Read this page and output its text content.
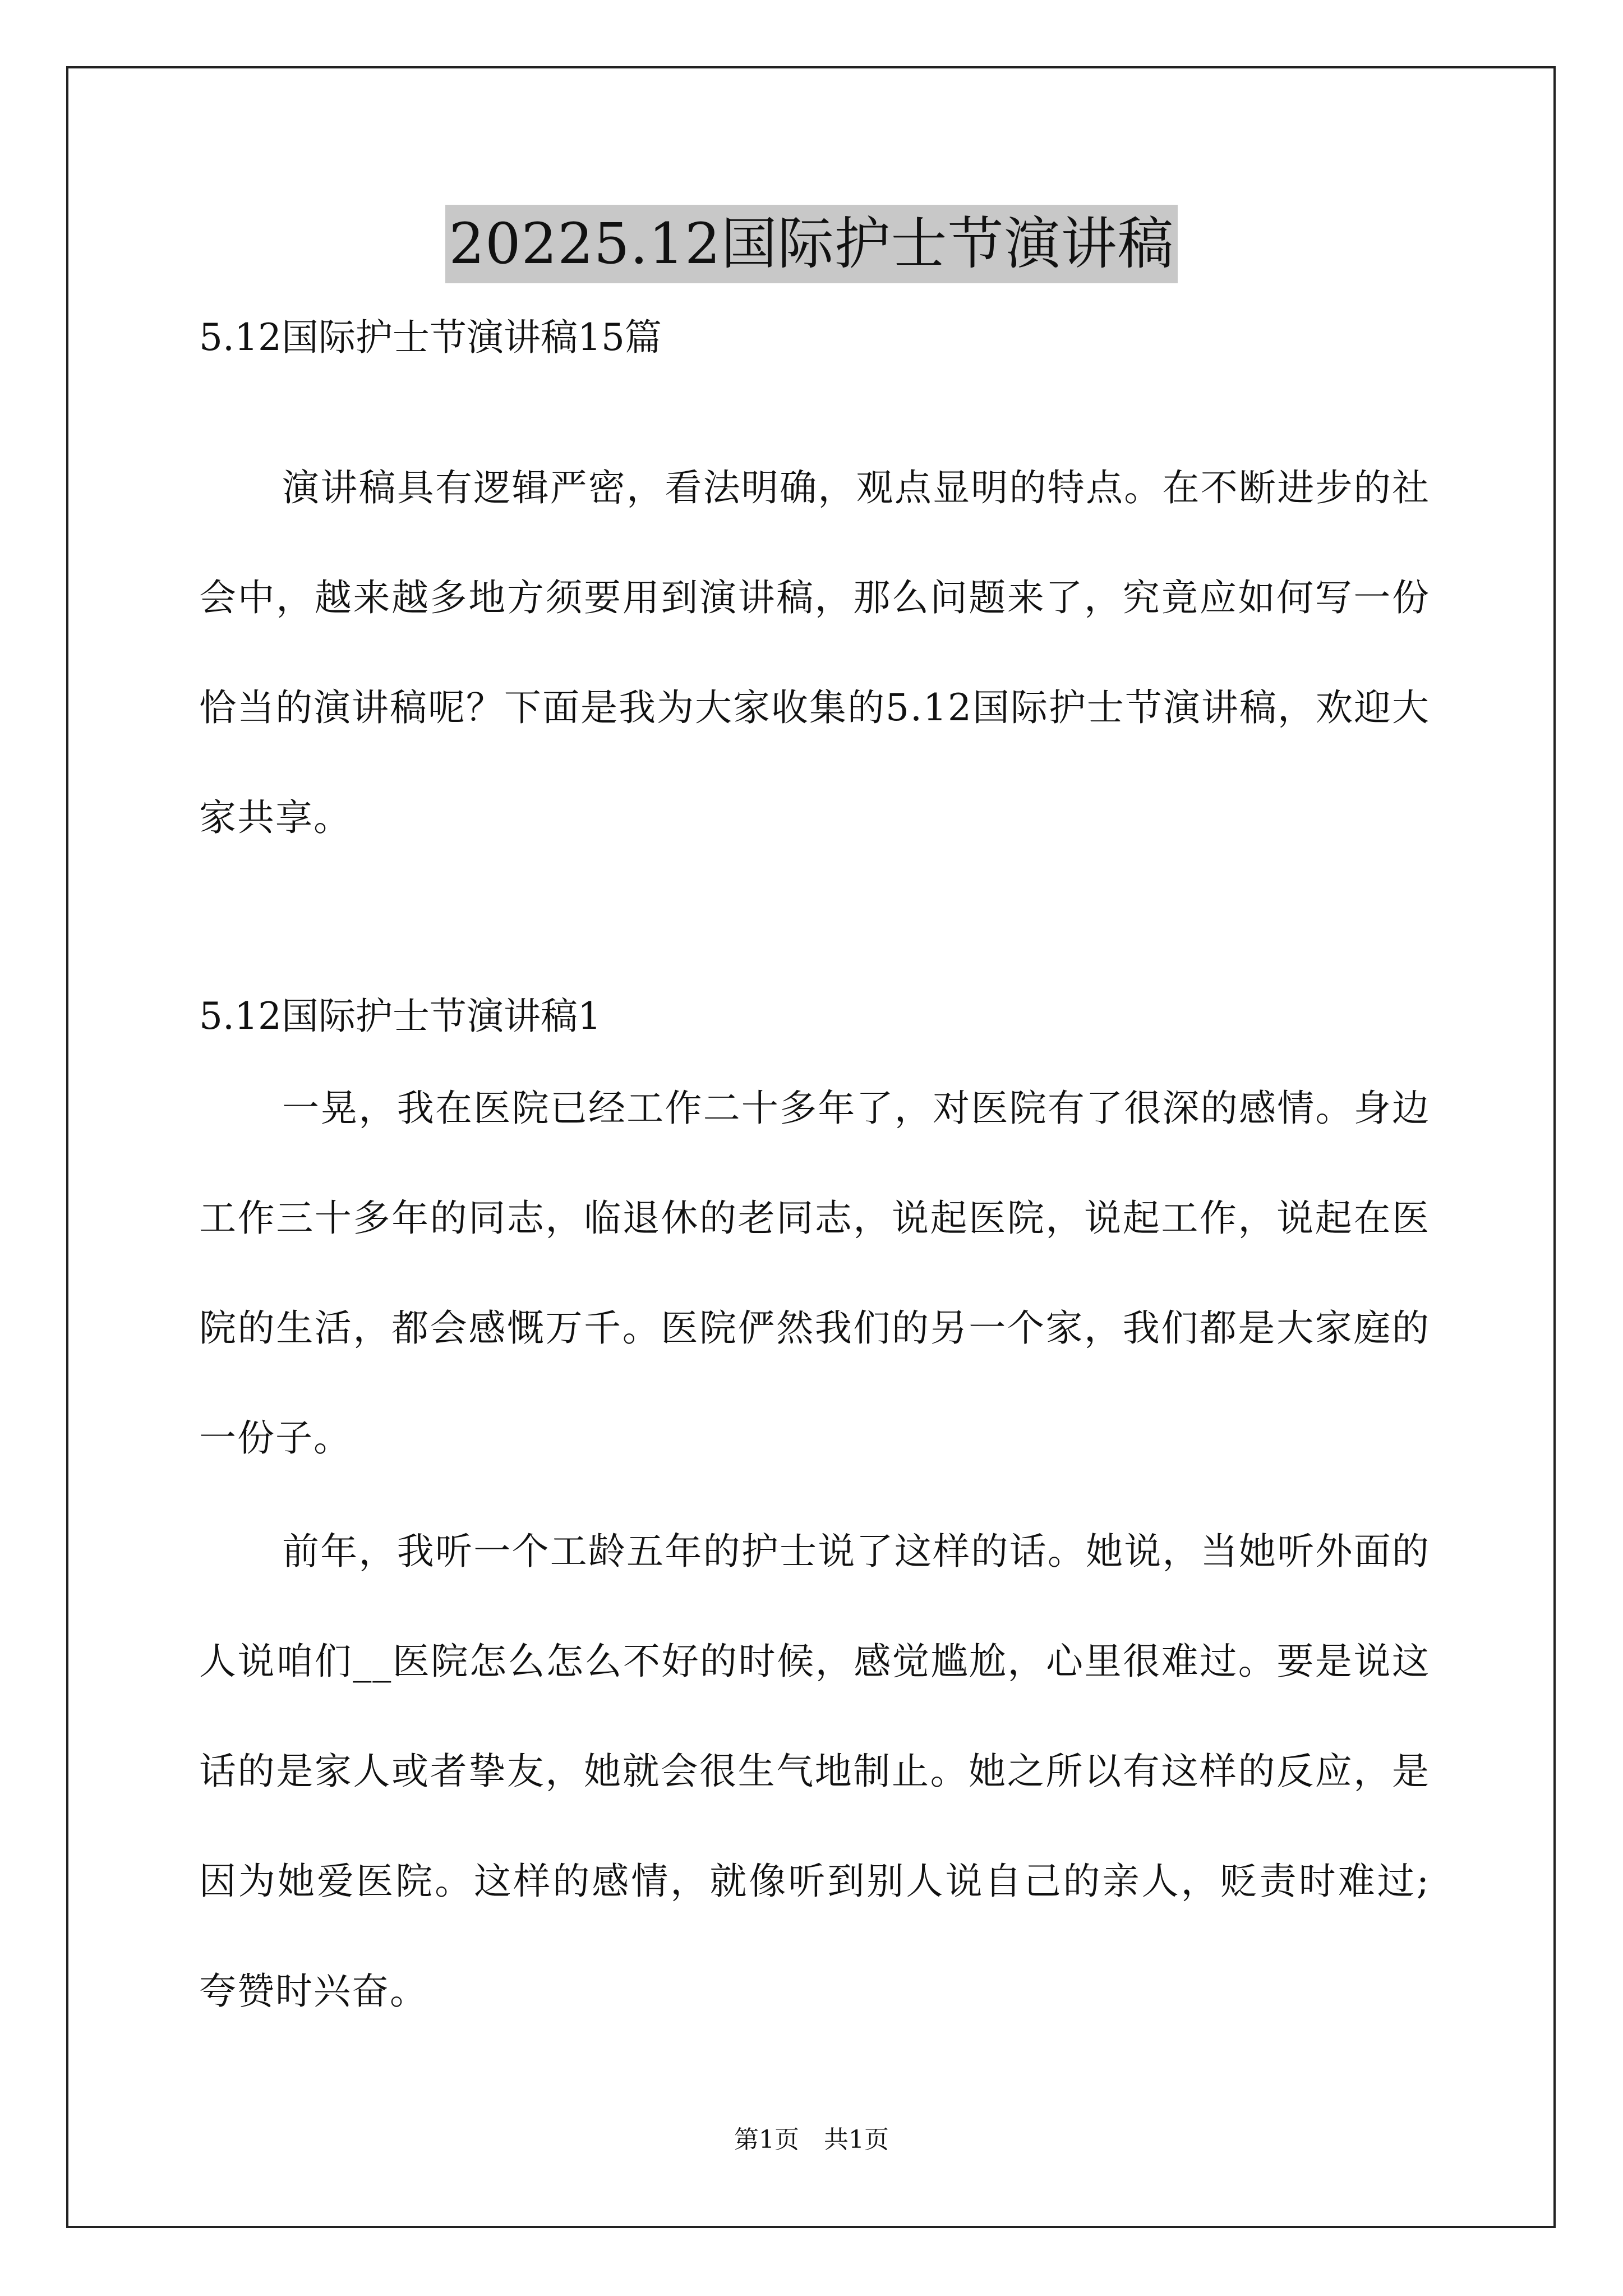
20225.12国际护士节演讲稿
5.12国际护士节演讲稿15篇

演讲稿具有逻辑严密，看法明确，观点显明的特点。在不断进步的社会中，越来越多地方须要用到演讲稿，那么问题来了，究竟应如何写一份恰当的演讲稿呢？下面是我为大家收集的5.12国际护士节演讲稿，欢迎大家共享。

5.12国际护士节演讲稿1

一晃，我在医院已经工作二十多年了，对医院有了很深的感情。身边工作三十多年的同志，临退休的老同志，说起医院，说起工作，说起在医院的生活，都会感慨万千。医院俨然我们的另一个家，我们都是大家庭的一份子。

前年，我听一个工龄五年的护士说了这样的话。她说，当她听外面的人说咱们__医院怎么怎么不好的时候，感觉尴尬，心里很难过。要是说这话的是家人或者挚友，她就会很生气地制止。她之所以有这样的反应，是因为她爱医院。这样的感情，就像听到别人说自己的亲人，贬责时难过;夸赞时兴奋。

第1页　共1页
